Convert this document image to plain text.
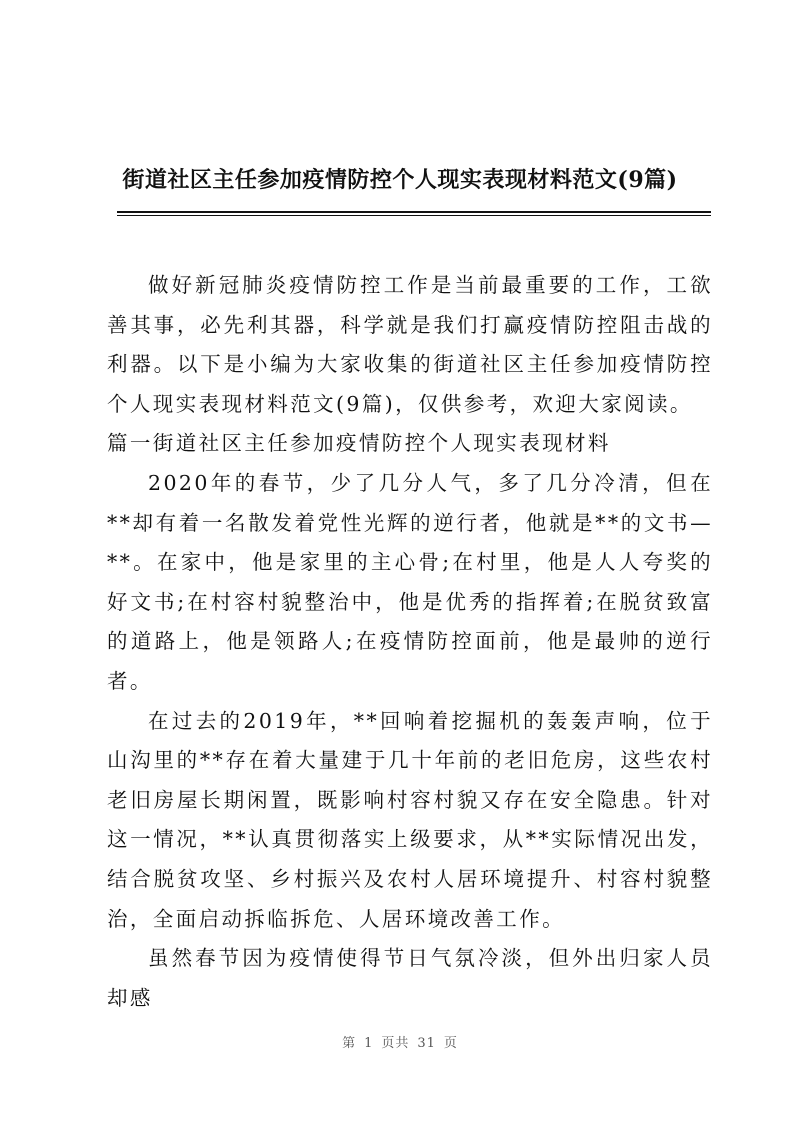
街道社区主任参加疫情防控个人现实表现材料范文(9篇)

做好新冠肺炎疫情防控工作是当前最重要的工作，工欲善其事，必先利其器，科学就是我们打赢疫情防控阻击战的利器。以下是小编为大家收集的街道社区主任参加疫情防控个人现实表现材料范文(9篇)，仅供参考，欢迎大家阅读。

篇一街道社区主任参加疫情防控个人现实表现材料

2020年的春节，少了几分人气，多了几分冷清，但在**却有着一名散发着党性光辉的逆行者，他就是**的文书—**。在家中，他是家里的主心骨;在村里，他是人人夸奖的好文书;在村容村貌整治中，他是优秀的指挥着;在脱贫致富的道路上，他是领路人;在疫情防控面前，他是最帅的逆行者。

在过去的2019年，**回响着挖掘机的轰轰声响，位于山沟里的**存在着大量建于几十年前的老旧危房，这些农村老旧房屋长期闲置，既影响村容村貌又存在安全隐患。针对这一情况，**认真贯彻落实上级要求，从**实际情况出发，结合脱贫攻坚、乡村振兴及农村人居环境提升、村容村貌整治，全面启动拆临拆危、人居环境改善工作。

虽然春节因为疫情使得节日气氛冷淡，但外出归家人员却感

第 1 页共 31 页
